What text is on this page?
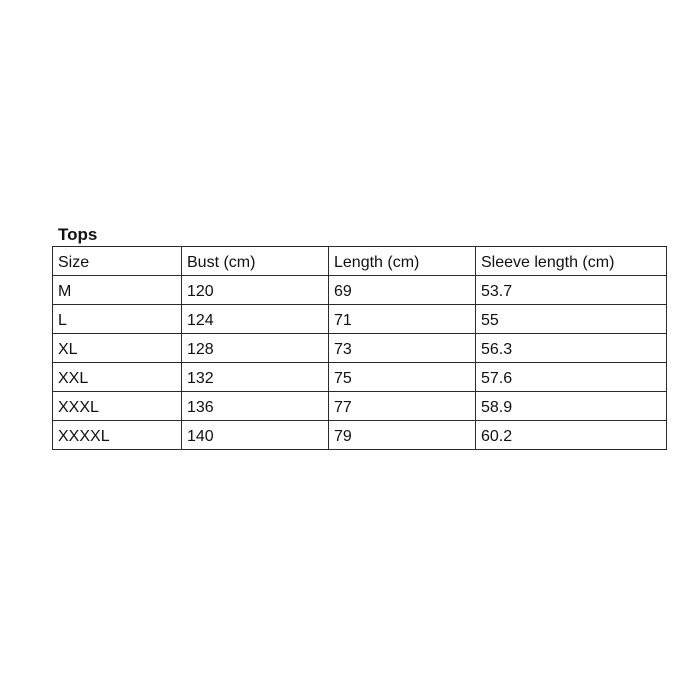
Tops
Size	Bust (cm)	Length (cm)	Sleeve length (cm)
M	120	69	53.7
L	124	71	55
XL	128	73	56.3
XXL	132	75	57.6
XXXL	136	77	58.9
XXXXL	140	79	60.2
